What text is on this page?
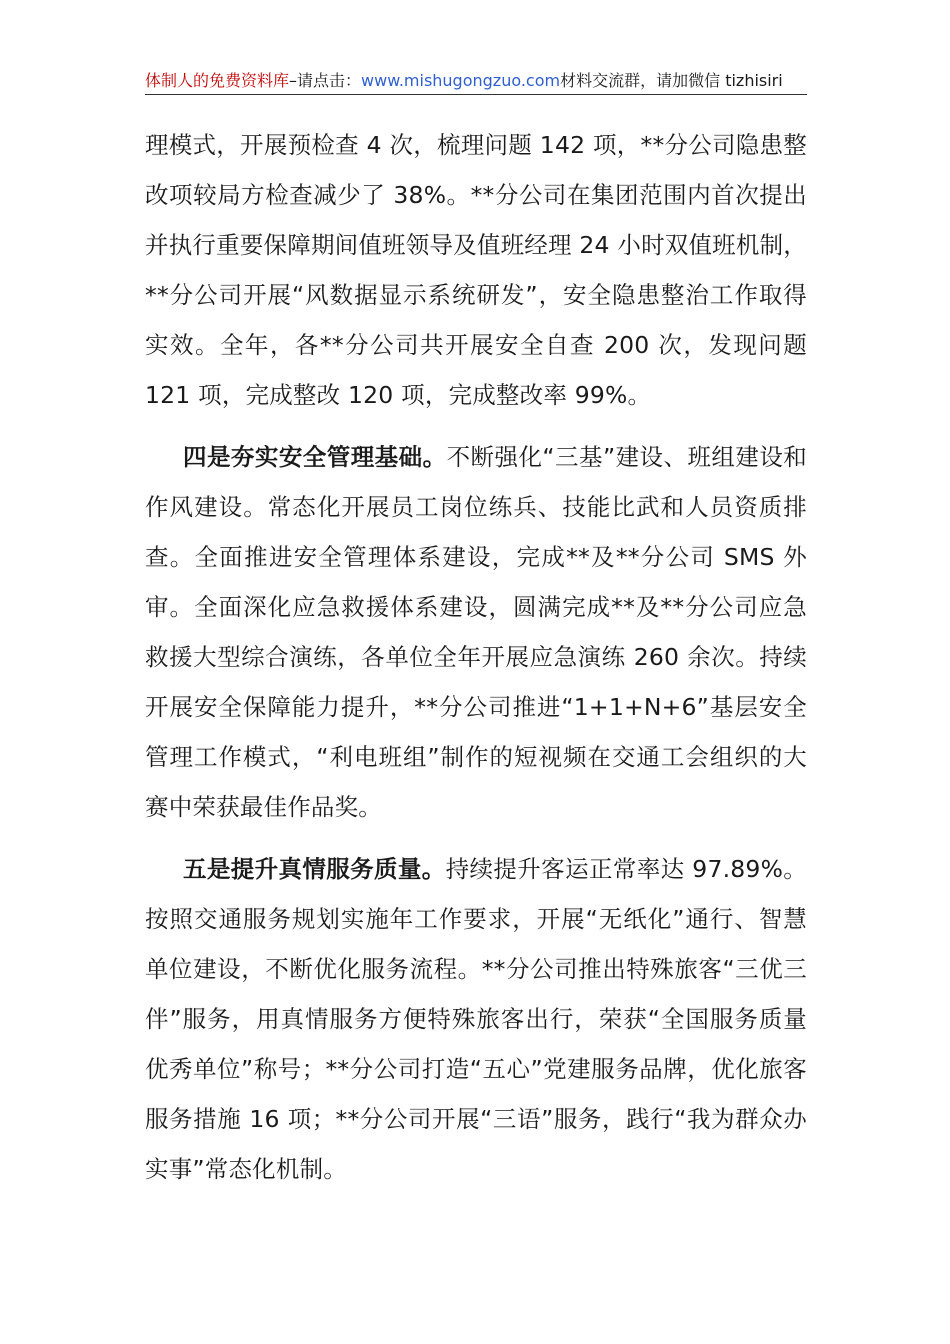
体制人的免费资料库–请点击：www.mishugongzuo.com材料交流群，请加微信 tizhisiri

理模式，开展预检查 4 次，梳理问题 142 项，**分公司隐患整改项较局方检查减少了 38%。**分公司在集团范围内首次提出并执行重要保障期间值班领导及值班经理 24 小时双值班机制，**分公司开展“风数据显示系统研发”，安全隐患整治工作取得实效。全年，各**分公司共开展安全自查 200 次，发现问题 121 项，完成整改 120 项，完成整改率 99%。

四是夯实安全管理基础。不断强化“三基”建设、班组建设和作风建设。常态化开展员工岗位练兵、技能比武和人员资质排查。全面推进安全管理体系建设，完成**及**分公司 SMS 外审。全面深化应急救援体系建设，圆满完成**及**分公司应急救援大型综合演练，各单位全年开展应急演练 260 余次。持续开展安全保障能力提升，**分公司推进“1+1+N+6”基层安全管理工作模式，“利电班组”制作的短视频在交通工会组织的大赛中荣获最佳作品奖。

五是提升真情服务质量。持续提升客运正常率达 97.89%。按照交通服务规划实施年工作要求，开展“无纸化”通行、智慧单位建设，不断优化服务流程。**分公司推出特殊旅客“三优三伴”服务，用真情服务方便特殊旅客出行，荣获“全国服务质量优秀单位”称号；**分公司打造“五心”党建服务品牌，优化旅客服务措施 16 项；**分公司开展“三语”服务，践行“我为群众办实事”常态化机制。
